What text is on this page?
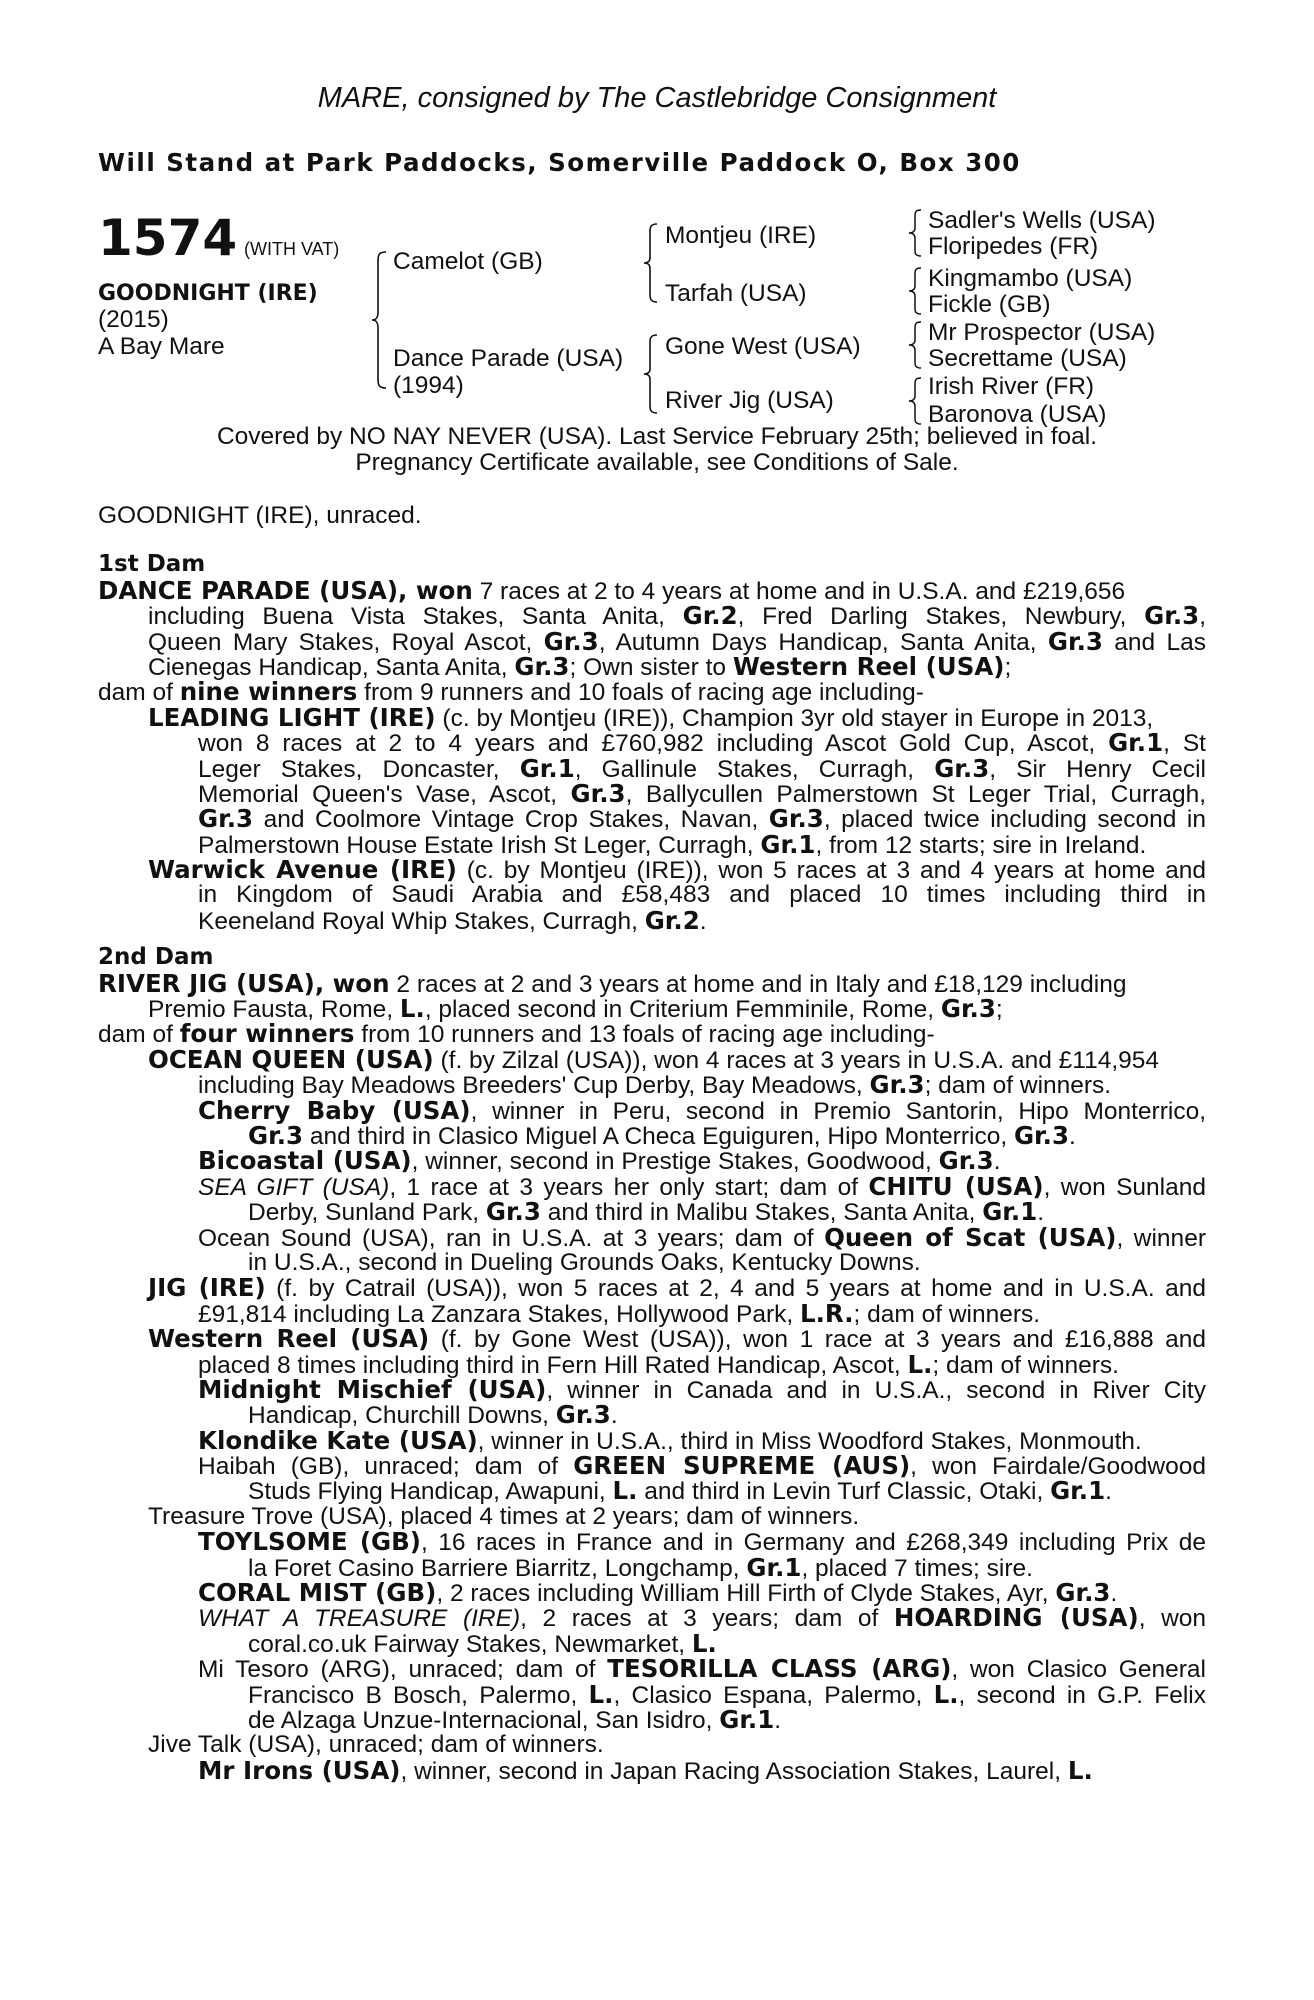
MARE, consigned by The Castlebridge Consignment
Will Stand at Park Paddocks, Somerville Paddock O, Box 300
1574 (WITH VAT)
GOODNIGHT (IRE)
(2015)
A Bay Mare
Camelot (GB)
Dance Parade (USA)
(1994)
Montjeu (IRE)
Tarfah (USA)
Gone West (USA)
River Jig (USA)
Sadler's Wells (USA)
Floripedes (FR)
Kingmambo (USA)
Fickle (GB)
Mr Prospector (USA)
Secrettame (USA)
Irish River (FR)
Baronova (USA)
Covered by NO NAY NEVER (USA). Last Service February 25th; believed in foal.
Pregnancy Certificate available, see Conditions of Sale.
GOODNIGHT (IRE), unraced.
1st Dam
DANCE PARADE (USA), won 7 races at 2 to 4 years at home and in U.S.A. and £219,656
including Buena Vista Stakes, Santa Anita, Gr.2, Fred Darling Stakes, Newbury, Gr.3,
Queen Mary Stakes, Royal Ascot, Gr.3, Autumn Days Handicap, Santa Anita, Gr.3 and Las
Cienegas Handicap, Santa Anita, Gr.3; Own sister to Western Reel (USA);
dam of nine winners from 9 runners and 10 foals of racing age including-
LEADING LIGHT (IRE) (c. by Montjeu (IRE)), Champion 3yr old stayer in Europe in 2013,
won 8 races at 2 to 4 years and £760,982 including Ascot Gold Cup, Ascot, Gr.1, St
Leger Stakes, Doncaster, Gr.1, Gallinule Stakes, Curragh, Gr.3, Sir Henry Cecil
Memorial Queen's Vase, Ascot, Gr.3, Ballycullen Palmerstown St Leger Trial, Curragh,
Gr.3 and Coolmore Vintage Crop Stakes, Navan, Gr.3, placed twice including second in
Palmerstown House Estate Irish St Leger, Curragh, Gr.1, from 12 starts; sire in Ireland.
Warwick Avenue (IRE) (c. by Montjeu (IRE)), won 5 races at 3 and 4 years at home and
in Kingdom of Saudi Arabia and £58,483 and placed 10 times including third in
Keeneland Royal Whip Stakes, Curragh, Gr.2.
2nd Dam
RIVER JIG (USA), won 2 races at 2 and 3 years at home and in Italy and £18,129 including
Premio Fausta, Rome, L., placed second in Criterium Femminile, Rome, Gr.3;
dam of four winners from 10 runners and 13 foals of racing age including-
OCEAN QUEEN (USA) (f. by Zilzal (USA)), won 4 races at 3 years in U.S.A. and £114,954
including Bay Meadows Breeders' Cup Derby, Bay Meadows, Gr.3; dam of winners.
Cherry Baby (USA), winner in Peru, second in Premio Santorin, Hipo Monterrico,
Gr.3 and third in Clasico Miguel A Checa Eguiguren, Hipo Monterrico, Gr.3.
Bicoastal (USA), winner, second in Prestige Stakes, Goodwood, Gr.3.
SEA GIFT (USA), 1 race at 3 years her only start; dam of CHITU (USA), won Sunland
Derby, Sunland Park, Gr.3 and third in Malibu Stakes, Santa Anita, Gr.1.
Ocean Sound (USA), ran in U.S.A. at 3 years; dam of Queen of Scat (USA), winner
in U.S.A., second in Dueling Grounds Oaks, Kentucky Downs.
JIG (IRE) (f. by Catrail (USA)), won 5 races at 2, 4 and 5 years at home and in U.S.A. and
£91,814 including La Zanzara Stakes, Hollywood Park, L.R.; dam of winners.
Western Reel (USA) (f. by Gone West (USA)), won 1 race at 3 years and £16,888 and
placed 8 times including third in Fern Hill Rated Handicap, Ascot, L.; dam of winners.
Midnight Mischief (USA), winner in Canada and in U.S.A., second in River City
Handicap, Churchill Downs, Gr.3.
Klondike Kate (USA), winner in U.S.A., third in Miss Woodford Stakes, Monmouth.
Haibah (GB), unraced; dam of GREEN SUPREME (AUS), won Fairdale/Goodwood
Studs Flying Handicap, Awapuni, L. and third in Levin Turf Classic, Otaki, Gr.1.
Treasure Trove (USA), placed 4 times at 2 years; dam of winners.
TOYLSOME (GB), 16 races in France and in Germany and £268,349 including Prix de
la Foret Casino Barriere Biarritz, Longchamp, Gr.1, placed 7 times; sire.
CORAL MIST (GB), 2 races including William Hill Firth of Clyde Stakes, Ayr, Gr.3.
WHAT A TREASURE (IRE), 2 races at 3 years; dam of HOARDING (USA), won
coral.co.uk Fairway Stakes, Newmarket, L.
Mi Tesoro (ARG), unraced; dam of TESORILLA CLASS (ARG), won Clasico General
Francisco B Bosch, Palermo, L., Clasico Espana, Palermo, L., second in G.P. Felix
de Alzaga Unzue-Internacional, San Isidro, Gr.1.
Jive Talk (USA), unraced; dam of winners.
Mr Irons (USA), winner, second in Japan Racing Association Stakes, Laurel, L.
